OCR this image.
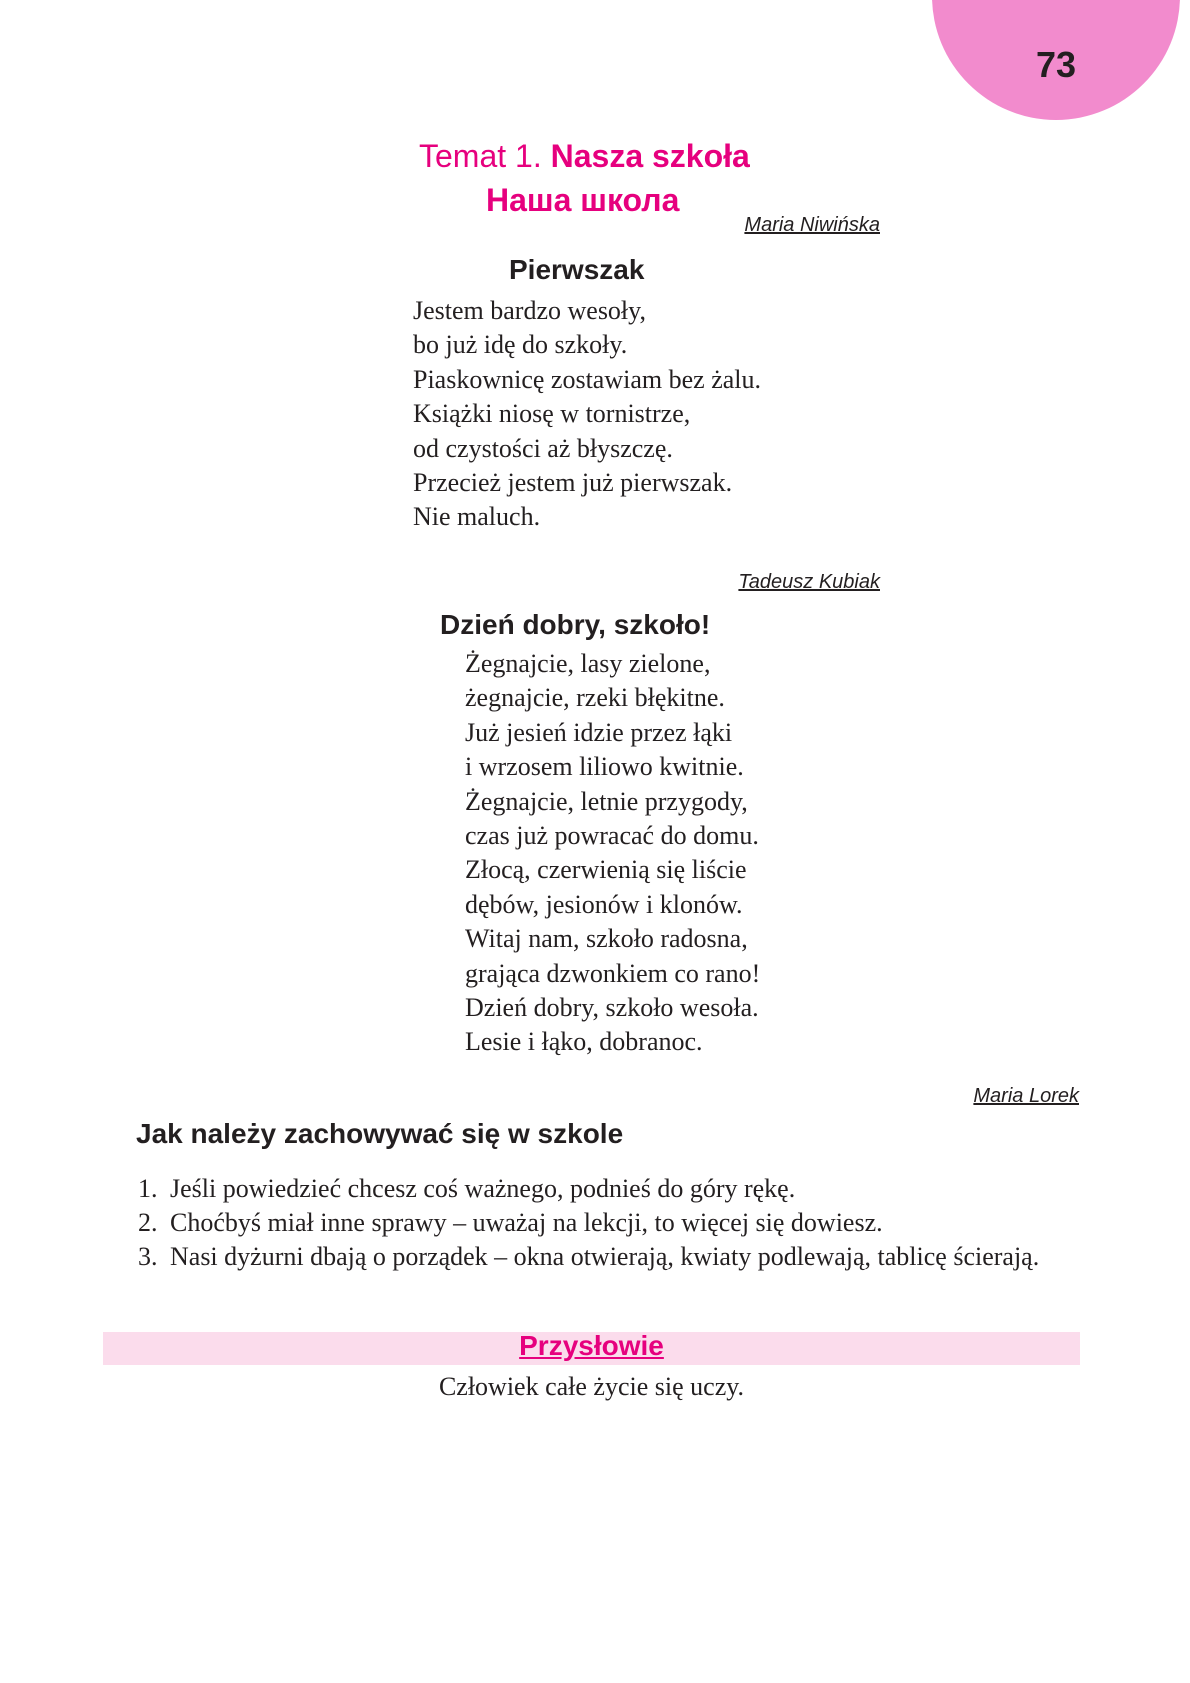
73
Temat 1. Nasza szkoła
Наша школа
Maria Niwińska
Pierwszak
Jestem bardzo wesoły,
bo już idę do szkoły.
Piaskownicę zostawiam bez żalu.
Książki niosę w tornistrze,
od czystości aż błyszczę.
Przecież jestem już pierwszak.
Nie maluch.
Tadeusz Kubiak
Dzień dobry, szkoło!
Żegnajcie, lasy zielone,
żegnajcie, rzeki błękitne.
Już jesień idzie przez łąki
i wrzosem liliowo kwitnie.
Żegnajcie, letnie przygody,
czas już powracać do domu.
Złocą, czerwienią się liście
dębów, jesionów i klonów.
Witaj nam, szkoło radosna,
grająca dzwonkiem co rano!
Dzień dobry, szkoło wesoła.
Lesie i łąko, dobranoc.
Maria Lorek
Jak należy zachowywać się w szkole
1. Jeśli powiedzieć chcesz coś ważnego, podnieś do góry rękę.
2. Choćbyś miał inne sprawy – uważaj na lekcji, to więcej się dowiesz.
3. Nasi dyżurni dbają o porządek – okna otwierają, kwiaty podlewają, tablicę ścierają.
Przysłowie
Człowiek całe życie się uczy.
